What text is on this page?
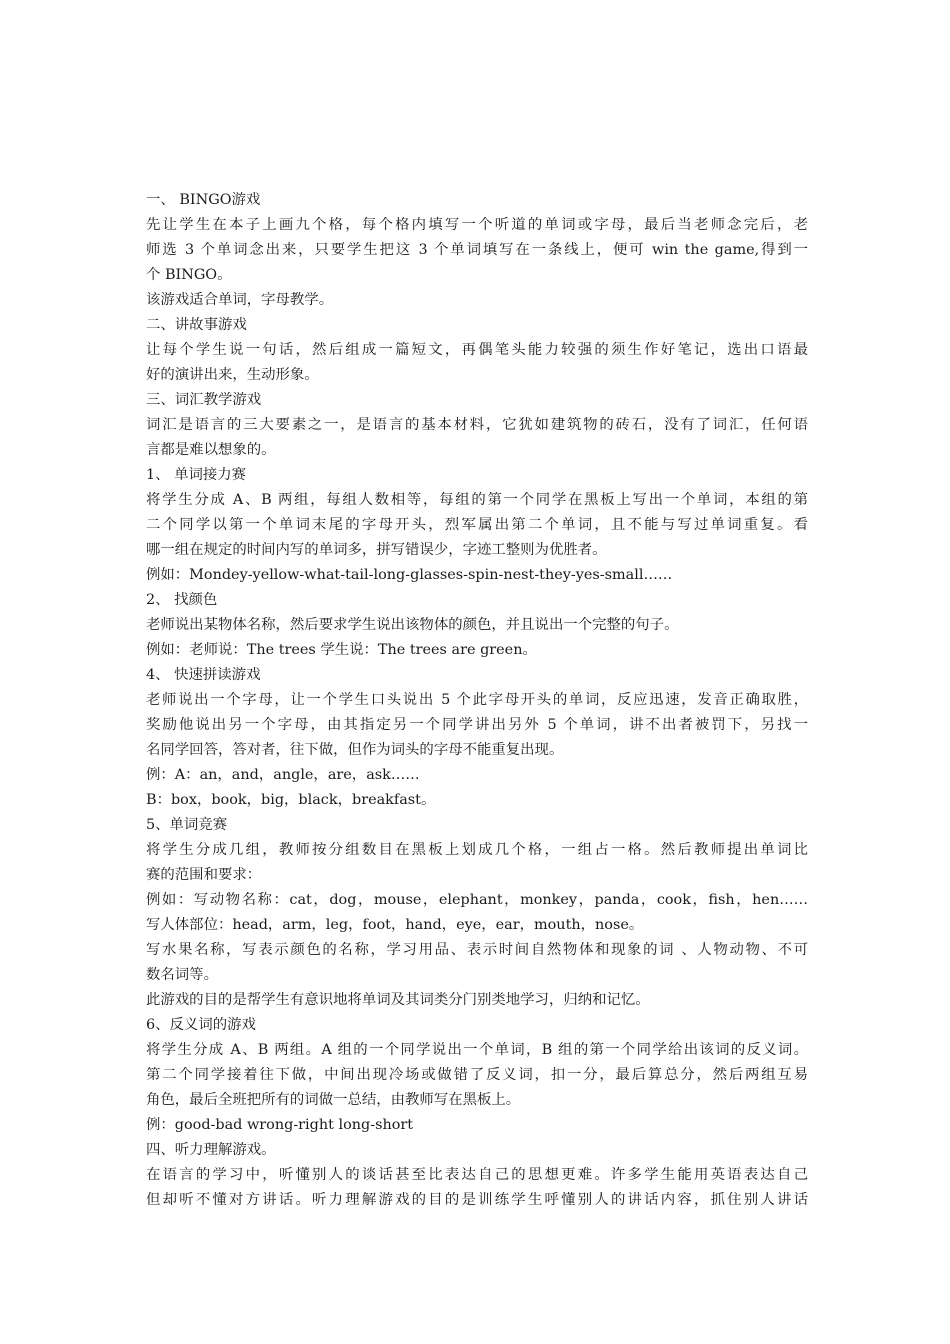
一、 BINGO游戏
先让学生在本子上画九个格，每个格内填写一个听道的单词或字母，最后当老师念完后，老
师选 3 个单词念出来，只要学生把这 3 个单词填写在一条线上，便可 win the game,得到一
个 BINGO。
该游戏适合单词，字母教学。
二、讲故事游戏
让每个学生说一句话，然后组成一篇短文，再偶笔头能力较强的须生作好笔记，选出口语最
好的演讲出来，生动形象。
三、词汇教学游戏
词汇是语言的三大要素之一，是语言的基本材料，它犹如建筑物的砖石，没有了词汇，任何语
言都是难以想象的。
1、 单词接力赛
将学生分成 A、B 两组，每组人数相等，每组的第一个同学在黑板上写出一个单词，本组的第
二个同学以第一个单词末尾的字母开头，烈军属出第二个单词，且不能与写过单词重复。看
哪一组在规定的时间内写的单词多，拼写错误少，字迹工整则为优胜者。
例如：Mondey-yellow-what-tail-long-glasses-spin-nest-they-yes-small……
2、 找颜色
老师说出某物体名称，然后要求学生说出该物体的颜色，并且说出一个完整的句子。
例如：老师说：The trees 学生说：The trees are green。
4、 快速拼读游戏
老师说出一个字母，让一个学生口头说出 5 个此字母开头的单词，反应迅速，发音正确取胜，
奖励他说出另一个字母，由其指定另一个同学讲出另外 5 个单词，讲不出者被罚下，另找一
名同学回答，答对者，往下做，但作为词头的字母不能重复出现。
例：A：an，and，angle，are，ask……
B：box，book，big，black，breakfast。
5、单词竞赛
将学生分成几组，教师按分组数目在黑板上划成几个格，一组占一格。然后教师提出单词比
赛的范围和要求：
例如：写动物名称：cat，dog，mouse，elephant，monkey，panda，cook，fish，hen……
写人体部位：head，arm，leg，foot，hand，eye，ear，mouth，nose。
写水果名称，写表示颜色的名称，学习用品、表示时间自然物体和现象的词 、人物动物、不可
数名词等。
此游戏的目的是帮学生有意识地将单词及其词类分门别类地学习，归纳和记忆。
6、反义词的游戏
将学生分成 A、B 两组。A 组的一个同学说出一个单词，B 组的第一个同学给出该词的反义词。
第二个同学接着往下做，中间出现冷场或做错了反义词，扣一分，最后算总分，然后两组互易
角色，最后全班把所有的词做一总结，由教师写在黑板上。
例：good-bad wrong-right long-short
四、听力理解游戏。
在语言的学习中，听懂别人的谈话甚至比表达自己的思想更难。许多学生能用英语表达自己
但却听不懂对方讲话。听力理解游戏的目的是训练学生呼懂别人的讲话内容，抓住别人讲话
